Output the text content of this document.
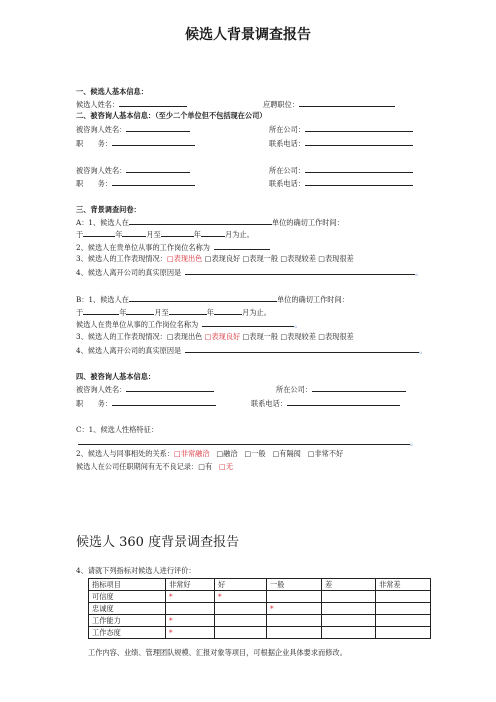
候选人背景调查报告
一、候选人基本信息：
候选人姓名：	应聘职位：
二、被咨询人基本信息：（至少二个单位但不包括现在公司）
被咨询人姓名：	所在公司：
职　　务：	联系电话：
被咨询人姓名：	所在公司：
职　　务：	联系电话：
三、背景调查问卷：
A：1、候选人在	单位的确切工作时间：
于	年	月至	年	月为止。
2、候选人在贵单位从事的工作岗位名称为
3、候选人的工作表现情况：□表现出色 □表现良好 □表现一般 □表现较差 □表现很差
4、候选人离开公司的真实原因是	。
B：1、候选人在	单位的确切工作时间：
于	年	月至	年	月为止。
候选人在贵单位从事的工作岗位名称为	。
3、候选人的工作表现情况：□表现出色 □表现良好 □表现一般 □表现较差 □表现很差
4、候选人离开公司的真实原因是	。
四、被咨询人基本信息：
被咨询人姓名：	所在公司：
职　　务：	联系电话：
C：1、候选人性格特征：
。
2、候选人与同事相处的关系：□非常融洽 □融洽 □一般 □有隔阂 □非常不好
候选人在公司任职期间有无不良记录：□有 □无
候选人 360 度背景调查报告
4、请就下列指标对候选人进行评价：
指标项目	非常好	好	一般	差	非常差
可信度	*	*			
忠诚度			*		
工作能力	*				
工作态度	*				
工作内容、业绩、管理团队规模、汇报对象等项目，可根据企业具体要求而修改。
